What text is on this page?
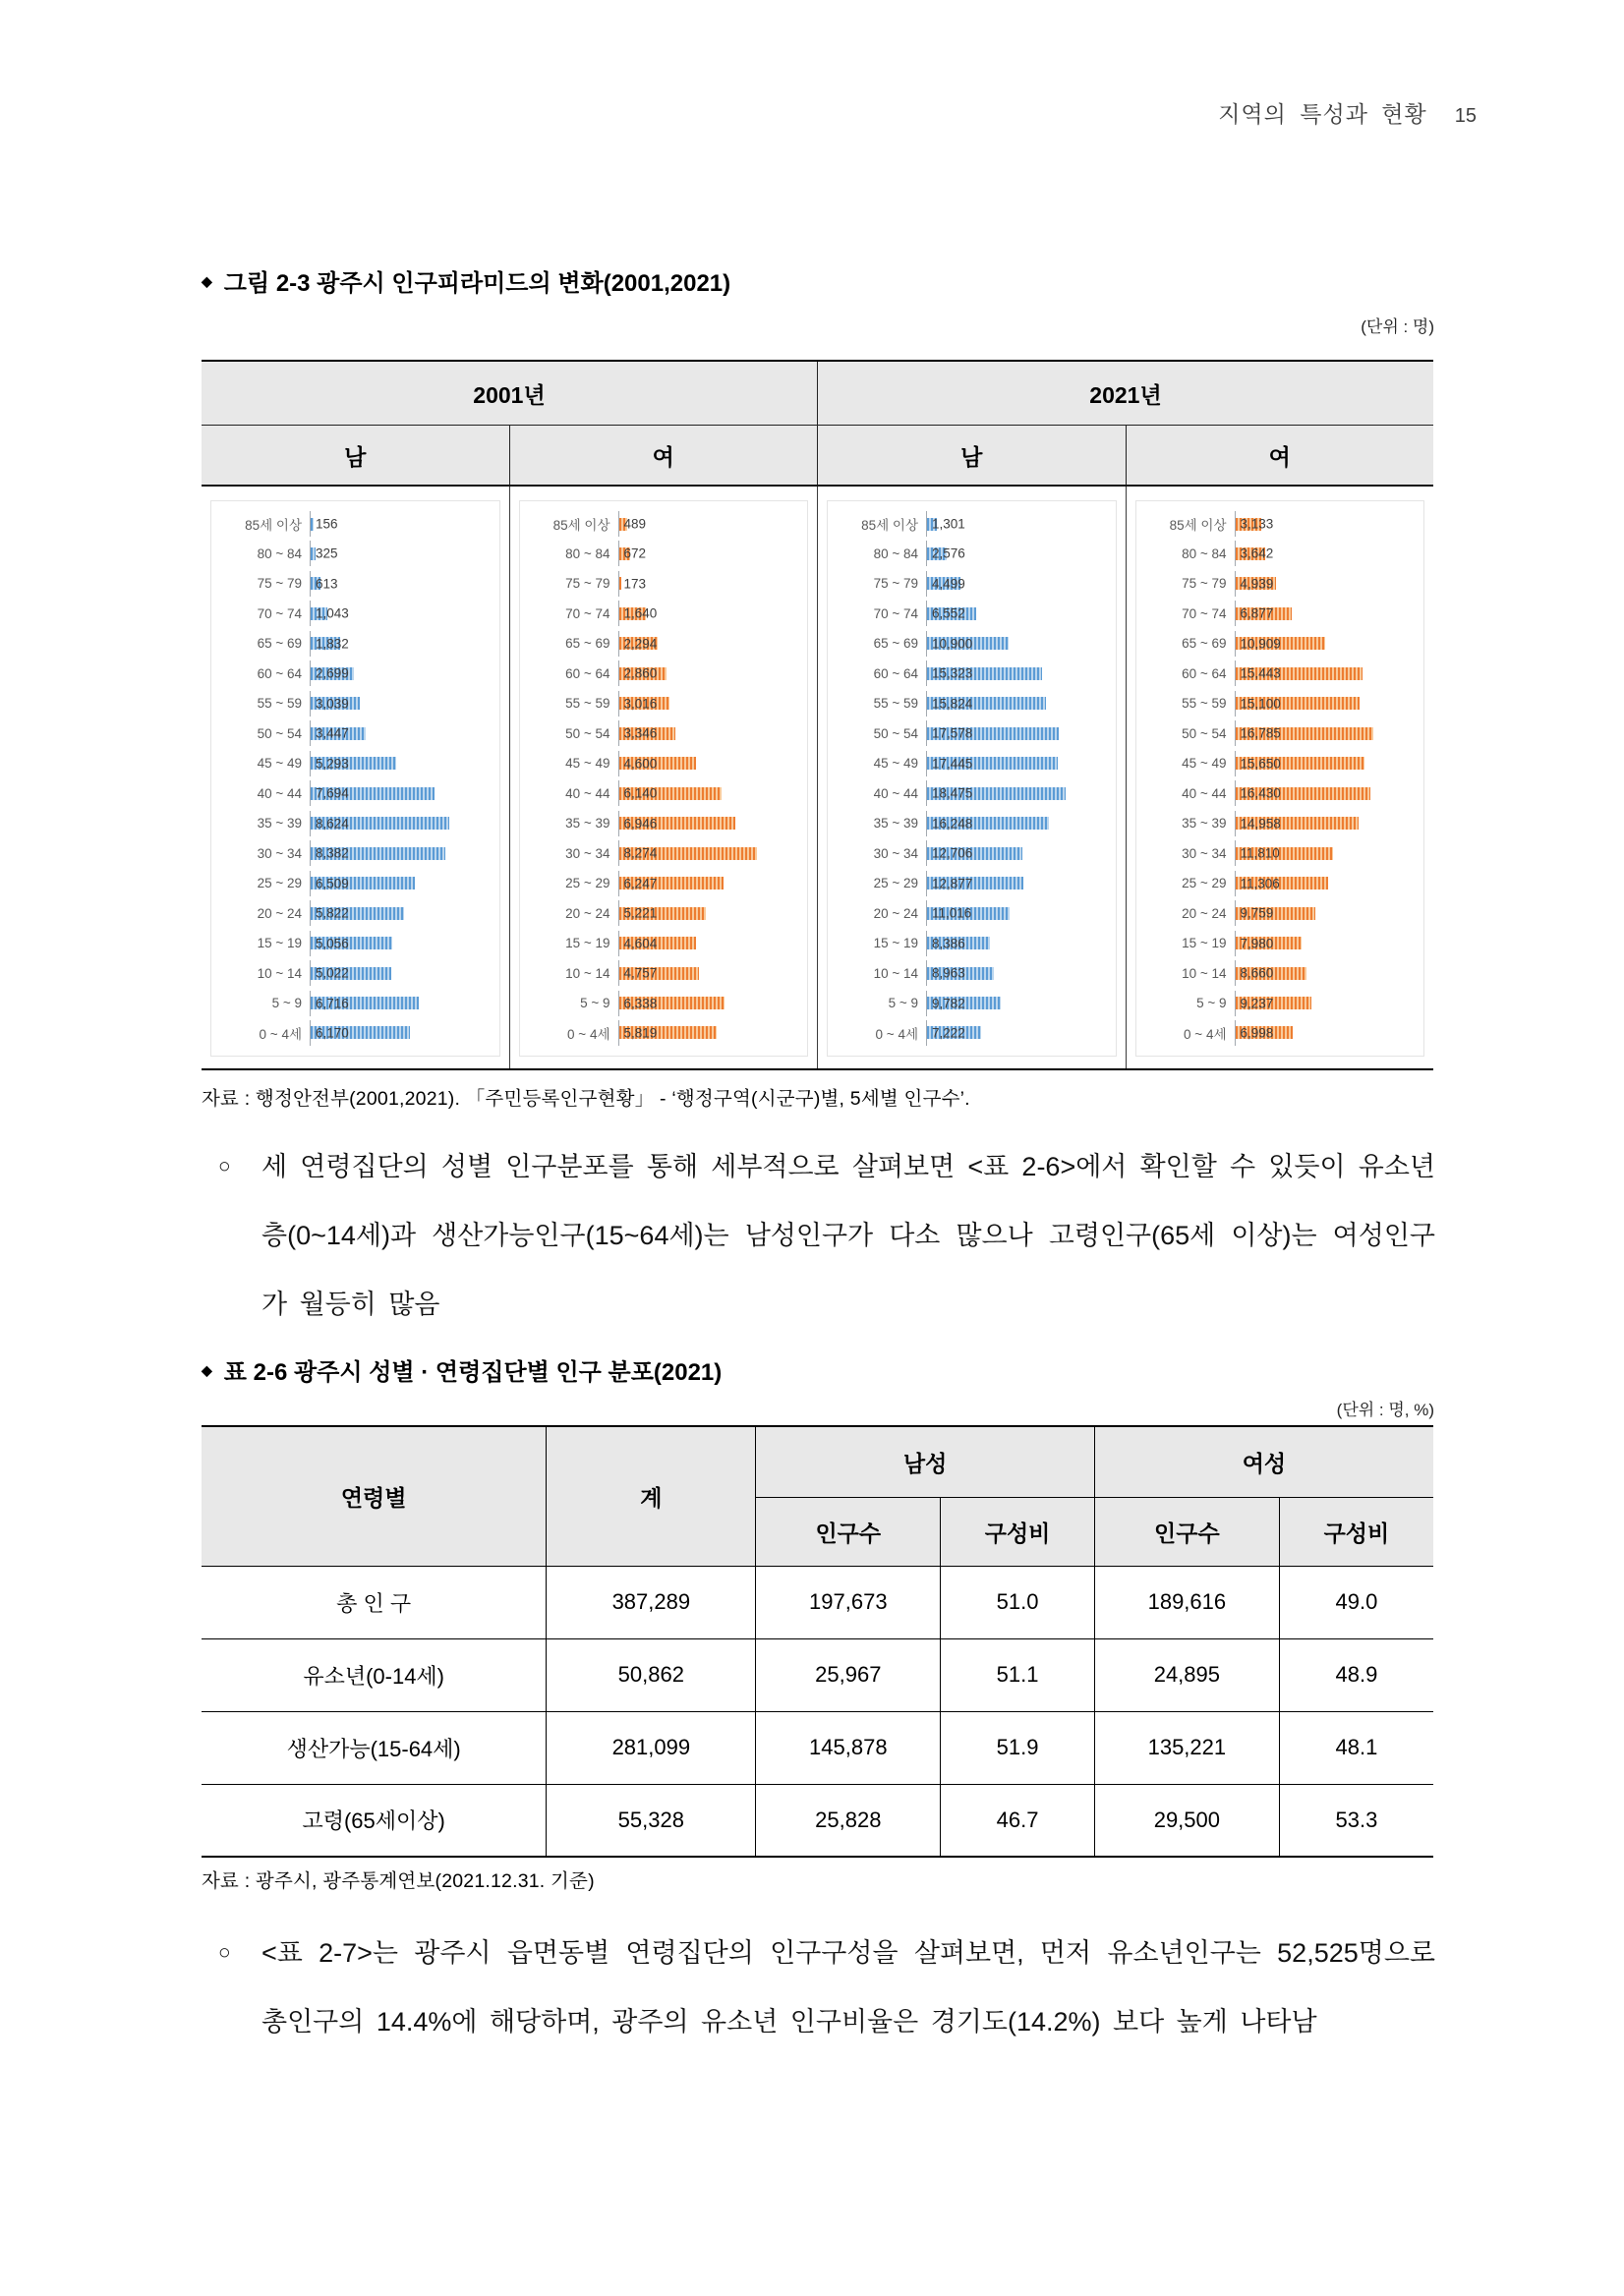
지역의 특성과 현황 15
◆ 그림 2-3 광주시 인구피라미드의 변화(2001,2021)
(단위 : 명)
2001년	2021년
남	여	남	여
85세 이상	156
80 ~ 84	325
75 ~ 79	613
70 ~ 74	1,043
65 ~ 69	1,832
60 ~ 64	2,699
55 ~ 59	3,039
50 ~ 54	3,447
45 ~ 49	5,293
40 ~ 44	7,694
35 ~ 39	8,624
30 ~ 34	8,382
25 ~ 29	6,509
20 ~ 24	5,822
15 ~ 19	5,056
10 ~ 14	5,022
5 ~ 9	6,716
0 ~ 4세	6,170
85세 이상	489
80 ~ 84	672
75 ~ 79	173
70 ~ 74	1,640
65 ~ 69	2,294
60 ~ 64	2,860
55 ~ 59	3,016
50 ~ 54	3,346
45 ~ 49	4,600
40 ~ 44	6,140
35 ~ 39	6,946
30 ~ 34	8,274
25 ~ 29	6,247
20 ~ 24	5,221
15 ~ 19	4,604
10 ~ 14	4,757
5 ~ 9	6,338
0 ~ 4세	5,819
85세 이상	1,301
80 ~ 84	2,576
75 ~ 79	4,499
70 ~ 74	6,552
65 ~ 69	10,900
60 ~ 64	15,323
55 ~ 59	15,824
50 ~ 54	17,578
45 ~ 49	17,445
40 ~ 44	18,475
35 ~ 39	16,248
30 ~ 34	12,706
25 ~ 29	12,877
20 ~ 24	11,016
15 ~ 19	8,386
10 ~ 14	8,963
5 ~ 9	9,782
0 ~ 4세	7,222
85세 이상	3,133
80 ~ 84	3,642
75 ~ 79	4,939
70 ~ 74	6,877
65 ~ 69	10,909
60 ~ 64	15,443
55 ~ 59	15,100
50 ~ 54	16,785
45 ~ 49	15,650
40 ~ 44	16,430
35 ~ 39	14,958
30 ~ 34	11,810
25 ~ 29	11,306
20 ~ 24	9,759
15 ~ 19	7,980
10 ~ 14	8,660
5 ~ 9	9,237
0 ~ 4세	6,998
자료 : 행정안전부(2001,2021). 「주민등록인구현황」 - ‘행정구역(시군구)별, 5세별 인구수’.
○	세 연령집단의 성별 인구분포를 통해 세부적으로 살펴보면 <표 2-6>에서 확인할 수 있듯이 유소년층(0~14세)과 생산가능인구(15~64세)는 남성인구가 다소 많으나 고령인구(65세 이상)는 여성인구가 월등히 많음
◆ 표 2-6 광주시 성별 · 연령집단별 인구 분포(2021)
(단위 : 명, %)
연령별	계	남성		여성	
		인구수	구성비	인구수	구성비
총 인 구	387,289	197,673	51.0	189,616	49.0
유소년(0-14세)	50,862	25,967	51.1	24,895	48.9
생산가능(15-64세)	281,099	145,878	51.9	135,221	48.1
고령(65세이상)	55,328	25,828	46.7	29,500	53.3
자료 : 광주시, 광주통계연보(2021.12.31. 기준)
○	<표 2-7>는 광주시 읍면동별 연령집단의 인구구성을 살펴보면, 먼저 유소년인구는 52,525명으로 총인구의 14.4%에 해당하며, 광주의 유소년 인구비율은 경기도(14.2%) 보다 높게 나타남
